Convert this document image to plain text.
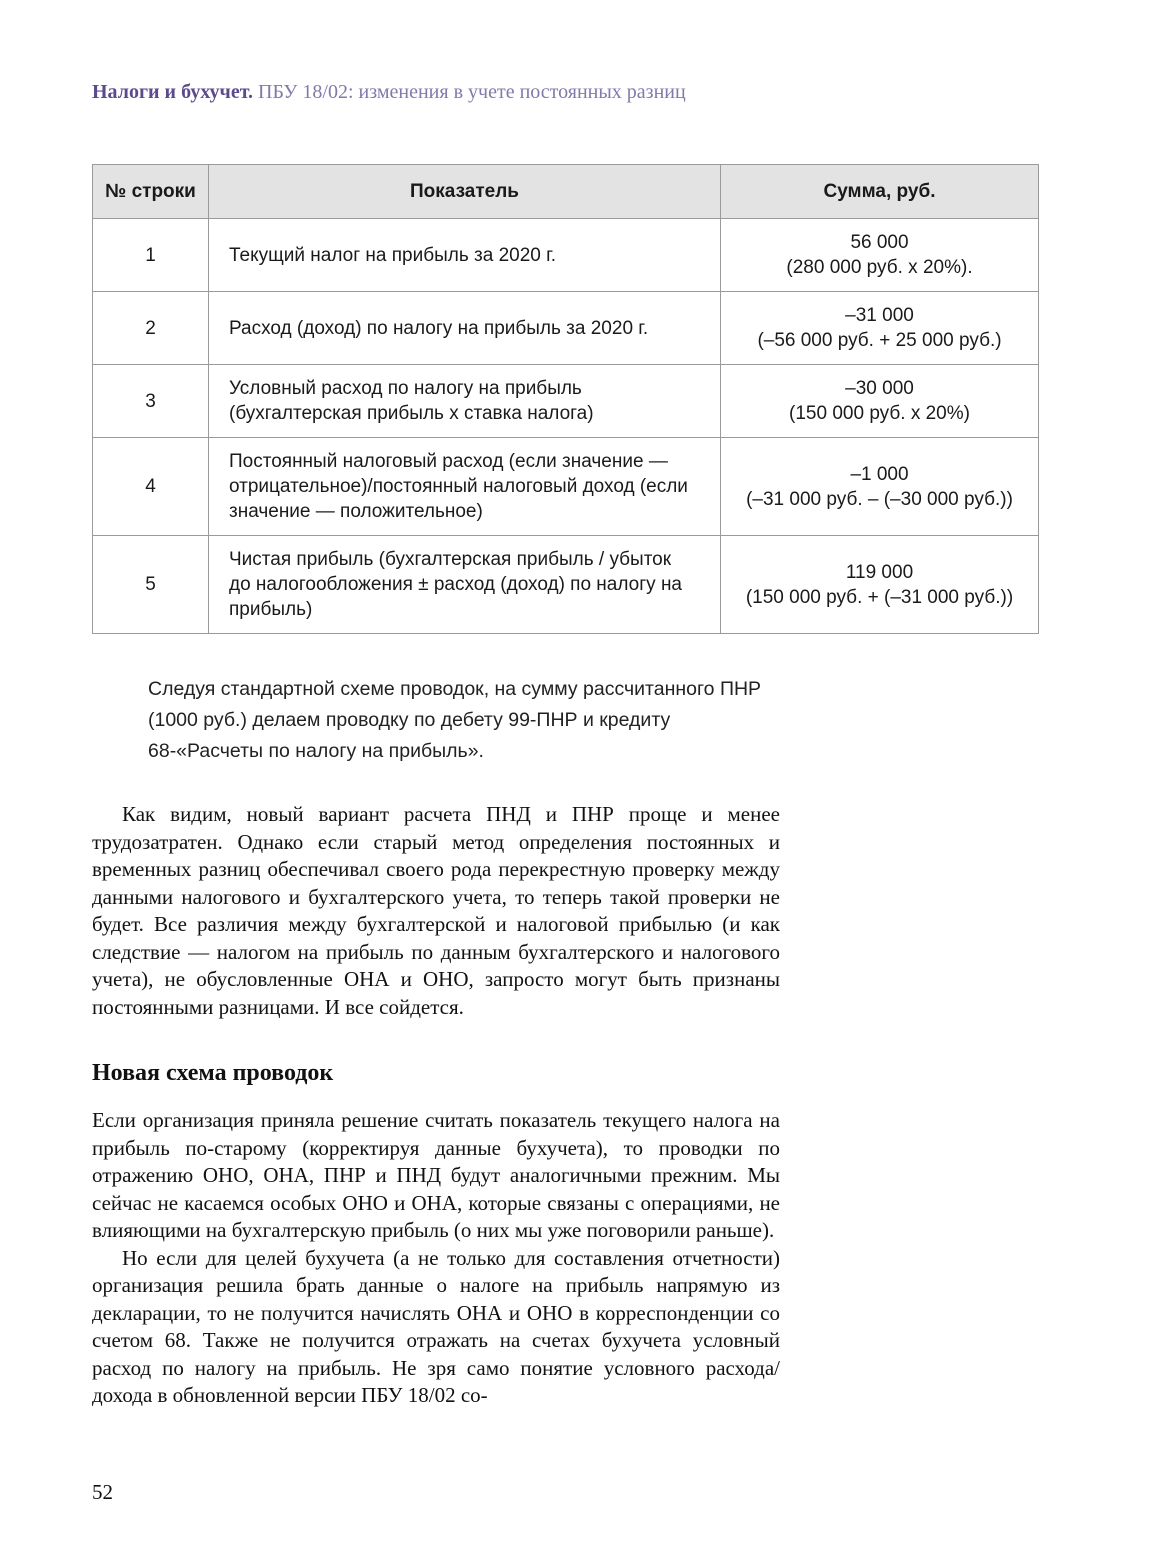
Налоги и бухучет. ПБУ 18/02: изменения в учете постоянных разниц
№ строки	Показатель	Сумма, руб.
1	Текущий налог на прибыль за 2020 г.	56 000
(280 000 руб. х 20%).

2	Расход (доход) по налогу на прибыль за 2020 г.	–31 000
(–56 000 руб. + 25 000 руб.)

3	Условный расход по налогу на прибыль (бухгалтерская прибыль х ставка налога)	–30 000
(150 000 руб. х 20%)

4	Постоянный налоговый расход (если значение — отрицательное)/постоянный налоговый доход (если значение — положительное)	–1 000
(–31 000 руб. – (–30 000 руб.))

5	Чистая прибыль (бухгалтерская прибыль / убыток до налогообложения ± расход (доход) по налогу на прибыль)	119 000
(150 000 руб. + (–31 000 руб.))
Следуя стандартной схеме проводок, на сумму рассчитанного ПНР (1000 руб.) делаем проводку по дебету 99-ПНР и кредиту 68-«Расчеты по налогу на прибыль».

Как видим, новый вариант расчета ПНД и ПНР проще и менее трудозатратен. Однако если старый метод определения постоянных и временных разниц обеспечивал своего рода перекрестную проверку между данными налогового и бухгалтерского учета, то теперь такой проверки не будет. Все различия между бухгалтерской и налоговой прибылью (и как следствие — налогом на прибыль по данным бухгалтерского и налогового учета), не обусловленные ОНА и ОНО, запросто могут быть признаны постоянными разницами. И все сойдется.

Новая схема проводок

Если организация приняла решение считать показатель текущего налога на прибыль по-старому (корректируя данные бухучета), то проводки по отражению ОНО, ОНА, ПНР и ПНД будут аналогичными прежним. Мы сейчас не касаемся особых ОНО и ОНА, которые связаны с операциями, не влияющими на бухгалтерскую прибыль (о них мы уже поговорили раньше).

Но если для целей бухучета (а не только для составления отчетности) организация решила брать данные о налоге на прибыль напрямую из декларации, то не получится начислять ОНА и ОНО в корреспонденции со счетом 68. Также не получится отражать на счетах бухучета условный расход по налогу на прибыль. Не зря само понятие условного расхода/дохода в обновленной версии ПБУ 18/02 со-

52
